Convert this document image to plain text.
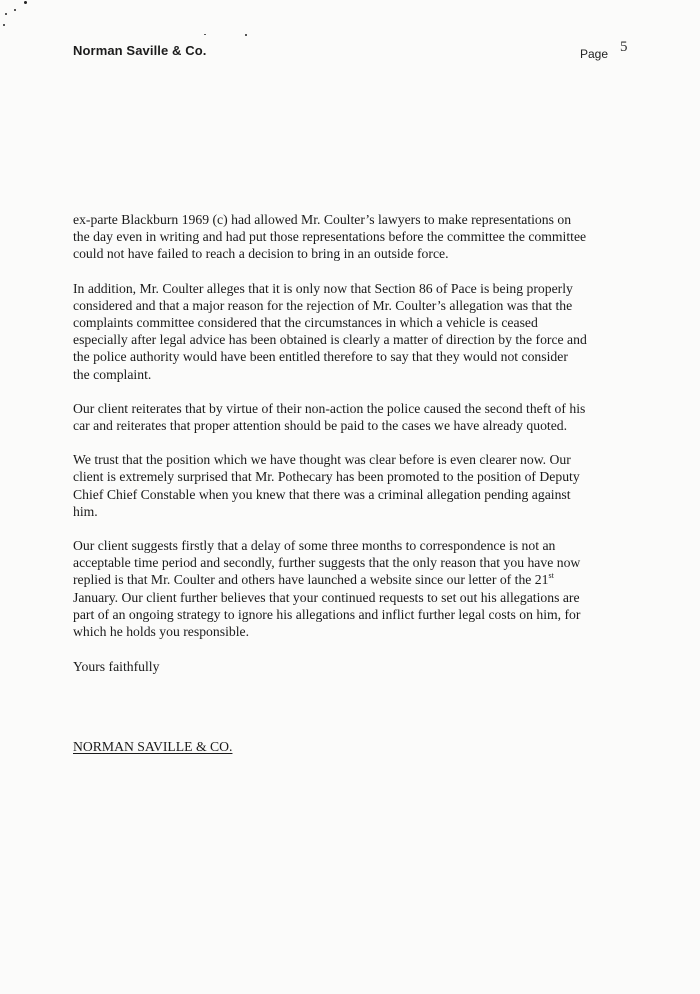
Norman Saville & Co.	Page 5

ex-parte Blackburn 1969 (c) had allowed Mr. Coulter’s lawyers to make representations on
the day even in writing and had put those representations before the committee the committee
could not have failed to reach a decision to bring in an outside force.

In addition, Mr. Coulter alleges that it is only now that Section 86 of Pace is being properly
considered and that a major reason for the rejection of Mr. Coulter’s allegation was that the
complaints committee considered that the circumstances in which a vehicle is ceased
especially after legal advice has been obtained is clearly a matter of direction by the force and
the police authority would have been entitled therefore to say that they would not consider
the complaint.

Our client reiterates that by virtue of their non-action the police caused the second theft of his
car and reiterates that proper attention should be paid to the cases we have already quoted.

We trust that the position which we have thought was clear before is even clearer now. Our
client is extremely surprised that Mr. Pothecary has been promoted to the position of Deputy
Chief Chief Constable when you knew that there was a criminal allegation pending against
him.

Our client suggests firstly that a delay of some three months to correspondence is not an
acceptable time period and secondly, further suggests that the only reason that you have now
replied is that Mr. Coulter and others have launched a website since our letter of the 21st
January. Our client further believes that your continued requests to set out his allegations are
part of an ongoing strategy to ignore his allegations and inflict further legal costs on him, for
which he holds you responsible.

Yours faithfully
NORMAN SAVILLE & CO.
